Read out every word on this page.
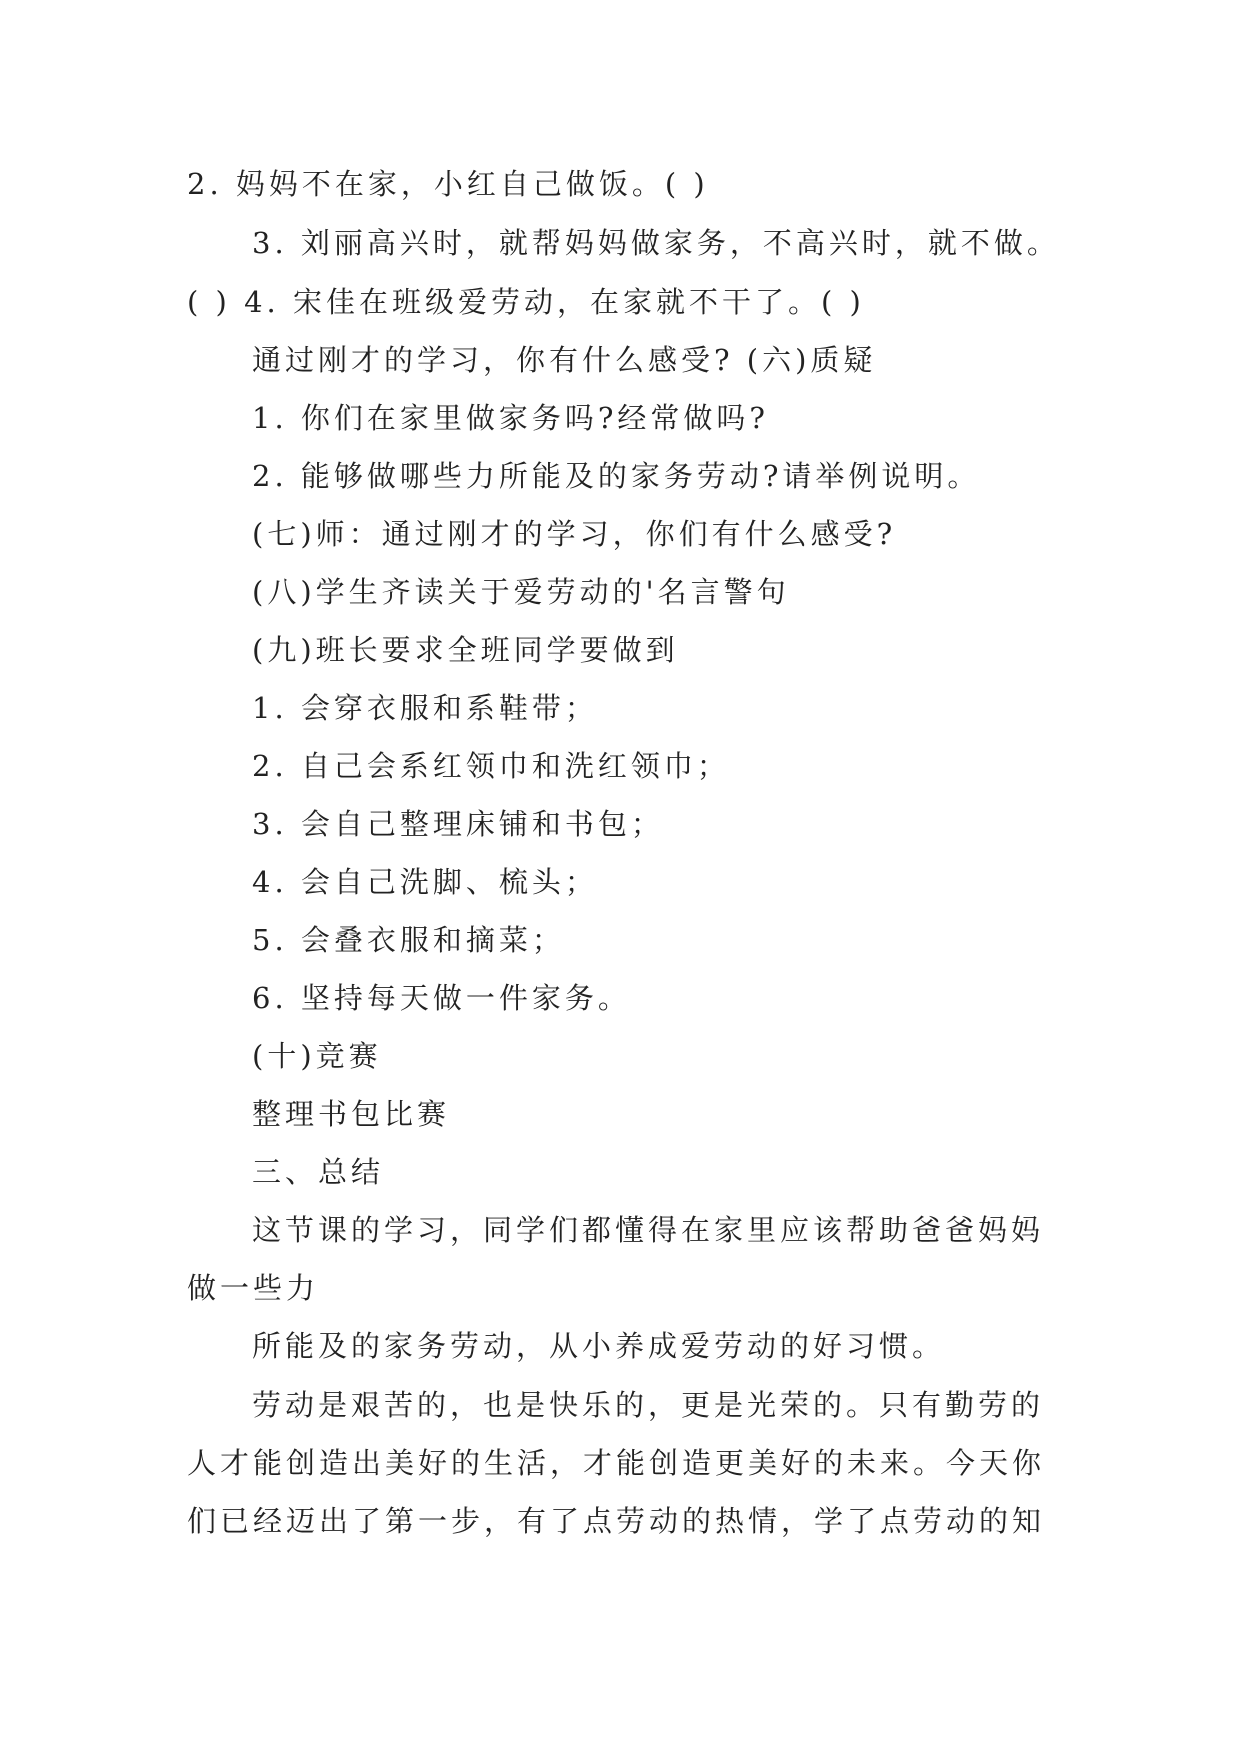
2. 妈妈不在家，小红自己做饭。( )
3. 刘丽高兴时，就帮妈妈做家务，不高兴时，就不做。
( ) 4. 宋佳在班级爱劳动，在家就不干了。( )
通过刚才的学习，你有什么感受? (六)质疑
1. 你们在家里做家务吗?经常做吗?
2. 能够做哪些力所能及的家务劳动?请举例说明。
(七)师：通过刚才的学习，你们有什么感受?
(八)学生齐读关于爱劳动的'名言警句
(九)班长要求全班同学要做到
1. 会穿衣服和系鞋带；
2. 自己会系红领巾和洗红领巾；
3. 会自己整理床铺和书包；
4. 会自己洗脚、梳头；
5. 会叠衣服和摘菜；
6. 坚持每天做一件家务。
(十)竞赛
整理书包比赛
三、总结
这节课的学习，同学们都懂得在家里应该帮助爸爸妈妈
做一些力
所能及的家务劳动，从小养成爱劳动的好习惯。
劳动是艰苦的，也是快乐的，更是光荣的。只有勤劳的
人才能创造出美好的生活，才能创造更美好的未来。今天你
们已经迈出了第一步，有了点劳动的热情，学了点劳动的知
